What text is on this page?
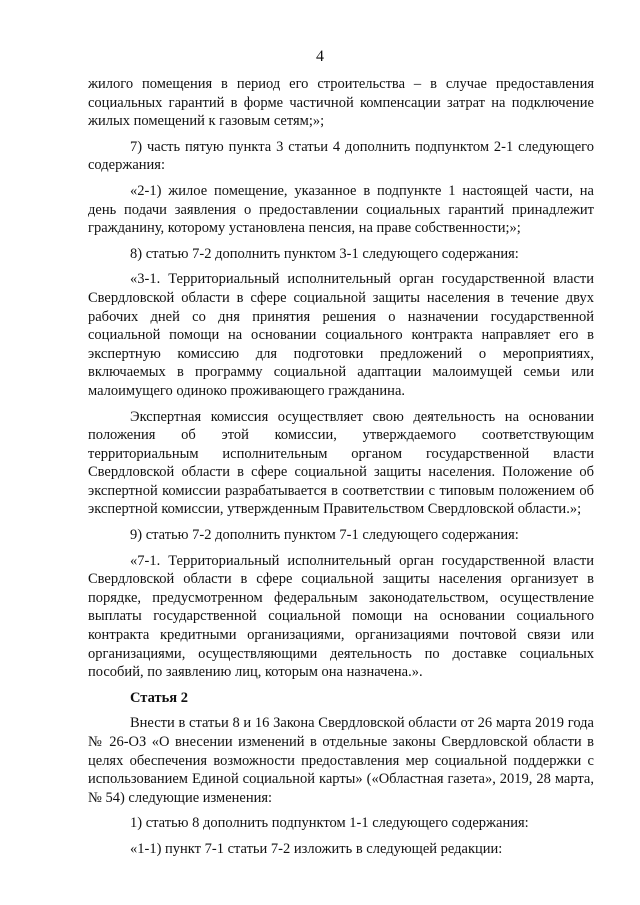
4

жилого помещения в период его строительства – в случае предоставления социальных гарантий в форме частичной компенсации затрат на подключение жилых помещений к газовым сетям;»;

7) часть пятую пункта 3 статьи 4 дополнить подпунктом 2-1 следующего содержания:

«2-1) жилое помещение, указанное в подпункте 1 настоящей части, на день подачи заявления о предоставлении социальных гарантий принадлежит гражданину, которому установлена пенсия, на праве собственности;»;

8) статью 7-2 дополнить пунктом 3-1 следующего содержания:

«3-1. Территориальный исполнительный орган государственной власти Свердловской области в сфере социальной защиты населения в течение двух рабочих дней со дня принятия решения о назначении государственной социальной помощи на основании социального контракта направляет его в экспертную комиссию для подготовки предложений о мероприятиях, включаемых в программу социальной адаптации малоимущей семьи или малоимущего одиноко проживающего гражданина.

Экспертная комиссия осуществляет свою деятельность на основании положения об этой комиссии, утверждаемого соответствующим территориальным исполнительным органом государственной власти Свердловской области в сфере социальной защиты населения. Положение об экспертной комиссии разрабатывается в соответствии с типовым положением об экспертной комиссии, утвержденным Правительством Свердловской области.»;

9) статью 7-2 дополнить пунктом 7-1 следующего содержания:

«7-1. Территориальный исполнительный орган государственной власти Свердловской области в сфере социальной защиты населения организует в порядке, предусмотренном федеральным законодательством, осуществление выплаты государственной социальной помощи на основании социального контракта кредитными организациями, организациями почтовой связи или организациями, осуществляющими деятельность по доставке социальных пособий, по заявлению лиц, которым она назначена.».

Статья 2

Внести в статьи 8 и 16 Закона Свердловской области от 26 марта 2019 года № 26-ОЗ «О внесении изменений в отдельные законы Свердловской области в целях обеспечения возможности предоставления мер социальной поддержки с использованием Единой социальной карты» («Областная газета», 2019, 28 марта, № 54) следующие изменения:

1) статью 8 дополнить подпунктом 1-1 следующего содержания:

«1-1) пункт 7-1 статьи 7-2 изложить в следующей редакции:
